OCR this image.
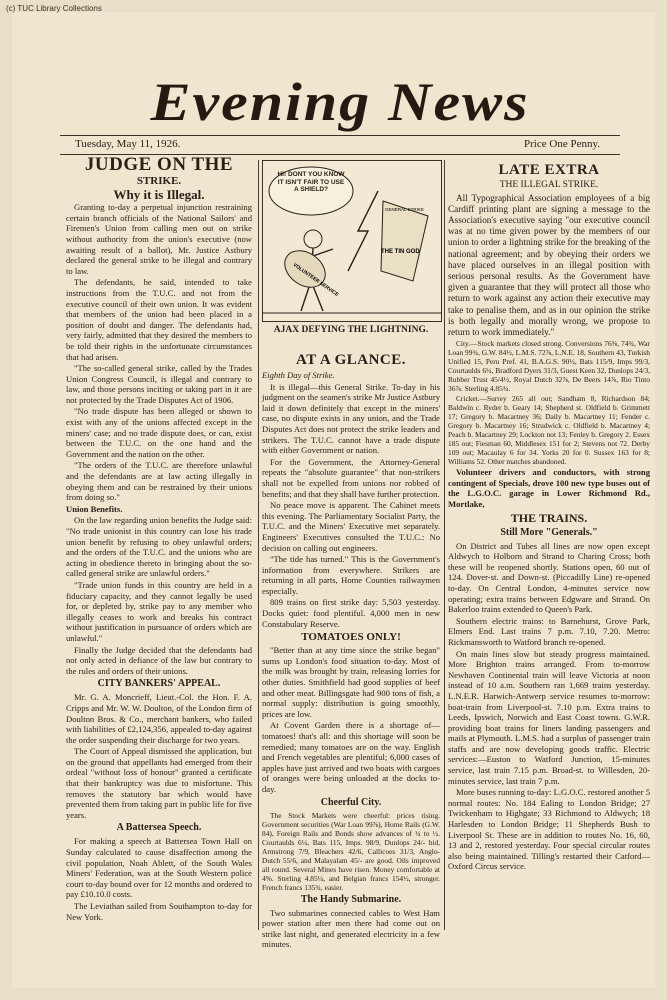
(c) TUC Library Collections
Evening News
Tuesday, May 11, 1926.	Price One Penny.
JUDGE ON THE
STRIKE.
Why it is Illegal.

Granting to-day a perpetual injunction restraining certain branch officials of the National Sailors' and Firemen's Union from calling men out on strike without authority from the union's executive (now awaiting result of a ballot), Mr. Justice Astbury declared the general strike to be illegal and contrary to law.

The defendants, he said, intended to take instructions from the T.U.C. and not from the executive council of their own union. It was evident that members of the union had been placed in a position of doubt and danger. The defendants had, very fairly, admitted that they desired the members to be told their rights in the unfortunate circumstances that had arisen.

"The so-called general strike, called by the Trades Union Congress Council, is illegal and contrary to law, and those persons inciting or taking part in it are not protected by the Trade Disputes Act of 1906.

"No trade dispute has been alleged or shown to exist with any of the unions affected except in the miners' case; and no trade dispute does, or can, exist between the T.U.C. on the one hand and the Government and the nation on the other.

"The orders of the T.U.C. are therefore unlawful and the defendants are at law acting illegally in obeying them and can be restrained by their unions from doing so."

Union Benefits.

On the law regarding union benefits the Judge said: "No trade unionist in this country can lose his trade union benefit by refusing to obey unlawful orders; and the orders of the T.U.C. and the unions who are acting in obedience thereto in bringing about the so-called general strike are unlawful orders."

"Trade union funds in this country are held in a fiduciary capacity, and they cannot legally be used for, or depleted by, strike pay to any member who illegally ceases to work and breaks his contract without justification in pursuance of orders which are unlawful."

Finally the Judge decided that the defendants had not only acted in defiance of the law but contrary to the rules and orders of their unions.

CITY BANKERS' APPEAL.

Mr. G. A. Moncrieff, Lieut.-Col. the Hon. F. A. Cripps and Mr. W. W. Doulton, of the London firm of Doulton Bros. & Co., merchant bankers, who failed with liabilities of £2,124,356, appealed to-day against the order suspending their discharge for two years.

The Court of Appeal dismissed the application, but on the ground that appellants had emerged from their ordeal "without loss of honour" granted a certificate that their bankruptcy was due to misfortune. This removes the statutory bar which would have prevented them from taking part in public life for five years.

A Battersea Speech.

For making a speech at Battersea Town Hall on Sunday calculated to cause disaffection among the civil population, Noah Ablett, of the South Wales Miners' Federation, was at the South Western police court to-day bound over for 12 months and ordered to pay £10.10.0 costs.

The Leviathan sailed from Southampton to-day for New York.

HI! DONT YOU KNOW IT ISN'T FAIR TO USE A SHIELD?
VOLUNTEER SERVICE
THE TIN GOD
GENERAL STRIKE
AJAX DEFYING THE LIGHTNING.
AT A GLANCE.

Eighth Day of Strike.

It is illegal—this General Strike. To-day in his judgment on the seamen's strike Mr Justice Astbury laid it down definitely that except in the miners' case, no dispute exists in any union, and the Trade Disputes Act does not protect the strike leaders and strikers. The T.U.C. cannot have a trade dispute with either Government or nation.

For the Government, the Attorney-General repeats the "absolute guarantee" that non-strikers shall not be expelled from unions nor robbed of benefits; and that they shall have further protection.

No peace move is apparent. The Cabinet meets this evening. The Parliamentary Socialist Party, the T.U.C. and the Miners' Executive met separately. Engineers' Executives consulted the T.U.C.: No decision on calling out engineers.

"The tide has turned." This is the Government's information from everywhere. Strikers are returning in all parts, Home Counties railwaymen especially.

809 trains on first strike day: 5,503 yesterday. Docks quiet: food plentiful. 4,000 men in new Constabulary Reserve.

TOMATOES ONLY!

"Better than at any time since the strike began" sums up London's food situation to-day. Most of the milk was brought by train, releasing lorries for other duties. Smithfield had good supplies of beef and other meat. Billingsgate had 900 tons of fish, a normal supply: distribution is going smoothly, prices are low.

At Covent Garden there is a shortage of—tomatoes! that's all: and this shortage will soon be remedied; many tomatoes are on the way. English and French vegetables are plentiful; 6,000 cases of apples have just arrived and two boats with cargoes of oranges were being unloaded at the docks to-day.

Cheerful City.

The Stock Markets were cheerful: prices rising. Government securities (War Loan 99⅞), Home Rails (G.W. 84), Foreign Rails and Bonds show advances of ¼ to ½. Courtaulds 6¼, Bats 115, Imps. 98/9, Dunlops 24/- bid, Armstrong 7/9, Bleachers 42/6, Callicoes 31/3, Anglo-Dutch 55/6, and Malayalam 45/- are good. Oils improved all round. Several Mines have risen. Money comfortable at 4%. Sterling 4.85¼, and Belgian francs 154½, stronger. French francs 135¾, easier.

The Handy Submarine.

Two submarines connected cables to West Ham power station after men there had come out on strike last night, and generated electricity in a few minutes.

LATE EXTRA
THE ILLEGAL STRIKE.

All Typographical Association employees of a big Cardiff printing plant are signing a message to the Association's executive saying "our executive council was at no time given power by the members of our union to order a lightning strike for the breaking of the national agreement; and by obeying their orders we have placed ourselves in an illegal position with serious personal results. As the Government have given a guarantee that they will protect all those who return to work against any action their executive may take to penalise them, and as in our opinion the strike is both legally and morally wrong, we propose to return to work immediately."

City.—Stock markets closed strong. Conversions 76⅝, 74¾, War Loan 99¾, G.W. 84½, L.M.S. 72⅞, L.N.E. 18, Southern 43, Turkish Unified 15, Peru Pref. 41, B.A.G.S. 90½, Bats 115/9, Imps 99/3, Courtaulds 6¼, Bradford Dyers 31/3, Guest Keen 32, Dunlops 24/3, Rubber Trust 45/4½, Royal Dutch 32⅞, De Beers 14⅞, Rio Tinto 36⅞. Sterling 4.85¾.

Cricket.—Surrey 265 all out; Sandham 8, Richardson 84; Baldwin c. Ryder b. Geary 14; Shepherd st. Oldfield b. Grimmett 17; Gregory b. Macartney 36; Daily b. Macartney 11; Fender c. Gregory b. Macartney 16; Strudwick c. Oldfield b. Macartney 4; Peach b. Macartney 29; Lockton not 13; Fenley b. Gregory 2. Essex 185 out; Fiesman 60, Middlesex 151 for 2; Stevens not 72. Derby 109 out; Macaulay 6 for 34. Yorks 20 for 0. Sussex 163 for 8; Williams 52. Other matches abandoned.

Volunteer drivers and conductors, with strong contingent of Specials, drove 100 new type buses out of the L.G.O.C. garage in Lower Richmond Rd., Mortlake,

THE TRAINS.
Still More "Generals."

On District and Tubes all lines are now open except Aldwych to Holborn and Strand to Charing Cross; both these will be reopened shortly. Stations open, 60 out of 124. Dover-st. and Down-st. (Piccadilly Line) re-opened to-day. On Central London, 4-minutes service now operating; extra trains between Edgware and Strand. On Bakerloo trains extended to Queen's Park.

Southern electric trains: to Barnehurst, Grove Park, Elmers End. Last trains 7 p.m. 7.10, 7.20. Metro: Rickmansworth to Watford branch re-opened.

On main lines slow but steady progress maintained. More Brighton trains arranged. From to-morrow Newhaven Continental train will leave Victoria at noon instead of 10 a.m. Southern ran 1,669 trains yesterday. L.N.E.R. Harwich-Antwerp service resumes to-morrow: boat-train from Liverpool-st. 7.10 p.m. Extra trains to Leeds, Ipswich, Norwich and East Coast towns. G.W.R. providing boat trains for liners landing passengers and mails at Plymouth. L.M.S. had a surplus of passenger train staffs and are now developing goods traffic. Electric services:—Euston to Watford Junction, 15-minutes service, last train 7.15 p.m. Broad-st. to Willesden, 20-minutes service, last train 7 p.m.

More buses running to-day: L.G.O.C. restored another 5 normal routes: No. 184 Ealing to London Bridge; 27 Twickenham to Highgate; 33 Richmond to Aldwych; 18 Harlesden to London Bridge; 11 Shepherds Bush to Liverpool St. These are in addition to routes No. 16, 60, 13 and 2, restored yesterday. Four special circular routes also being maintained. Tilling's restarted their Catford—Oxford Circus service.
